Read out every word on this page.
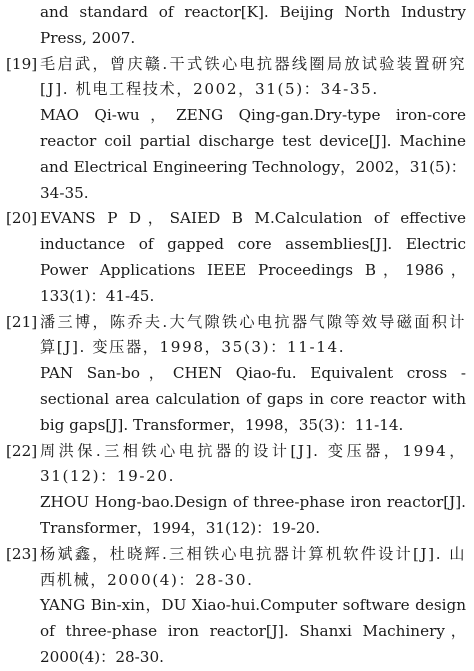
and standard of reactor[K]. Beijing North Industry Press, 2007.
[19] 毛启武，曾庆赣.干式铁心电抗器线圈局放试验装置研究[J]. 机电工程技术，2002，31(5)：34-35.
MAO Qi-wu，ZENG Qing-gan.Dry-type iron-core reactor coil partial discharge test device[J]. Machine and Electrical Engineering Technology，2002，31(5)：34-35.
[20] EVANS P D，SAIED B M.Calculation of effective inductance of gapped core assemblies[J]. Electric Power Applications IEEE Proceedings B，1986，133(1)：41-45.
[21] 潘三博，陈乔夫.大气隙铁心电抗器气隙等效导磁面积计算[J]. 变压器，1998，35(3)：11-14.
PAN San-bo，CHEN Qiao-fu. Equivalent cross - sectional area calculation of gaps in core reactor with big gaps[J]. Transformer，1998，35(3)：11-14.
[22] 周洪保.三相铁心电抗器的设计[J]. 变压器，1994，31(12)：19-20.
ZHOU Hong-bao.Design of three-phase iron reactor[J]. Transformer，1994，31(12)：19-20.
[23] 杨斌鑫，杜晓辉.三相铁心电抗器计算机软件设计[J]. 山西机械，2000(4)：28-30.
YANG Bin-xin，DU Xiao-hui.Computer software design of three-phase iron reactor[J]. Shanxi Machinery，2000(4)：28-30.
